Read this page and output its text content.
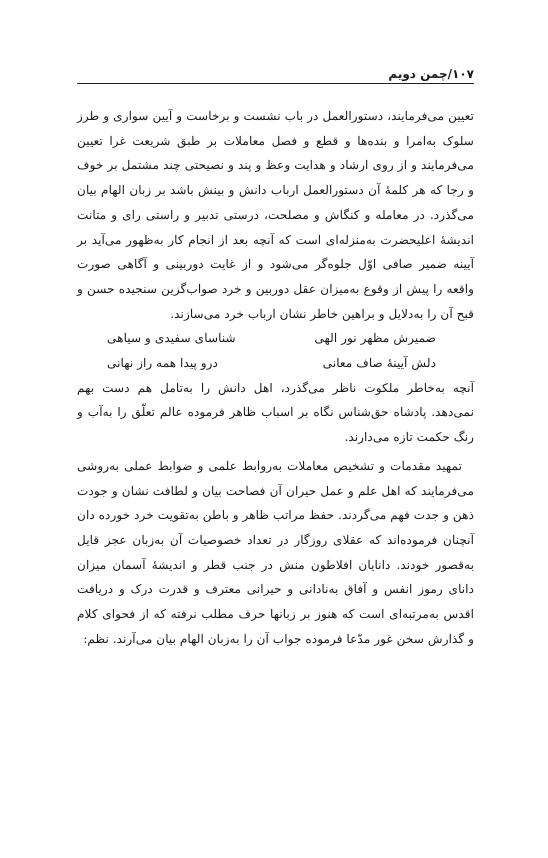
۱۰۷/چمن دویم

تعیین می‌فرمایند، دستورالعمل در باب نشست و برخاست و آیین سواری و طرز سلوک به‌امرا و بنده‌ها و قطع و فصل معاملات بر طبق شریعت غرا تعیین می‌فرمایند و از روی ارشاد و هدایت وعظ و پند و نصیحتی چند مشتمل بر خوف و رجا که هر کلمهٔ آن دستورالعمل ارباب دانش و بینش باشد بر زبان الهام بیان می‌گذرد. در معامله و کنگاش و مصلحت، درستی تدبیر و راستی رای و متانت اندیشهٔ اعلیحضرت به‌منزله‌ای است که آنچه بعد از انجام کار به‌ظهور می‌آید بر آیینه ضمیر صافی اوّل جلوه‌گر می‌شود و از غایت دوربینی و آگاهی صورت واقعه را پیش از وقوع به‌میزان عقل دوربین و خرد صواب‌گزین سنجیده حسن و قبح آن را به‌دلایل و براهین خاطر نشان ارباب خرد می‌سازند.

ضمیرش مظهر نور الهی
شناسای سفیدی و سیاهی
دلش آیینهٔ صاف معانی
درو پیدا همه راز نهانی

آنچه به‌خاطر ملکوت ناظر می‌گذرد، اهل دانش را به‌تامل هم دست بهم نمی‌دهد. پادشاه حق‌شناس نگاه بر اسباب ظاهر فرموده عالم تعلّق را به‌آب و رنگ حکمت تازه می‌دارند.

تمهید مقدمات و تشخیص معاملات به‌روابط علمی و ضوابط عملی به‌روشی می‌فرمایند که اهل علم و عمل حیران آن فصاحت بیان و لطافت نشان و جودت ذهن و جدت فهم می‌گردند. حفظ مراتب ظاهر و باطن به‌تقویت خرد خورده دان آنچنان فرموده‌اند که عقلای روزگار در تعداد خصوصیات آن به‌زبان عجز قایل به‌قصور خودند. دانایان افلاطون منش در جنب قطر و اندیشهٔ آسمان میزان دانای رموز انفس و آفاق به‌نادانی و حیرانی معترف و قدرت درک و دریافت اقدس به‌مرتبه‌ای است که هنوز بر زبانها حرف مطلب نرفته که از فحوای کلام و گذارش سخن غور مدّعا فرموده جواب آن را به‌زبان الهام بیان می‌آرند. نظم:
